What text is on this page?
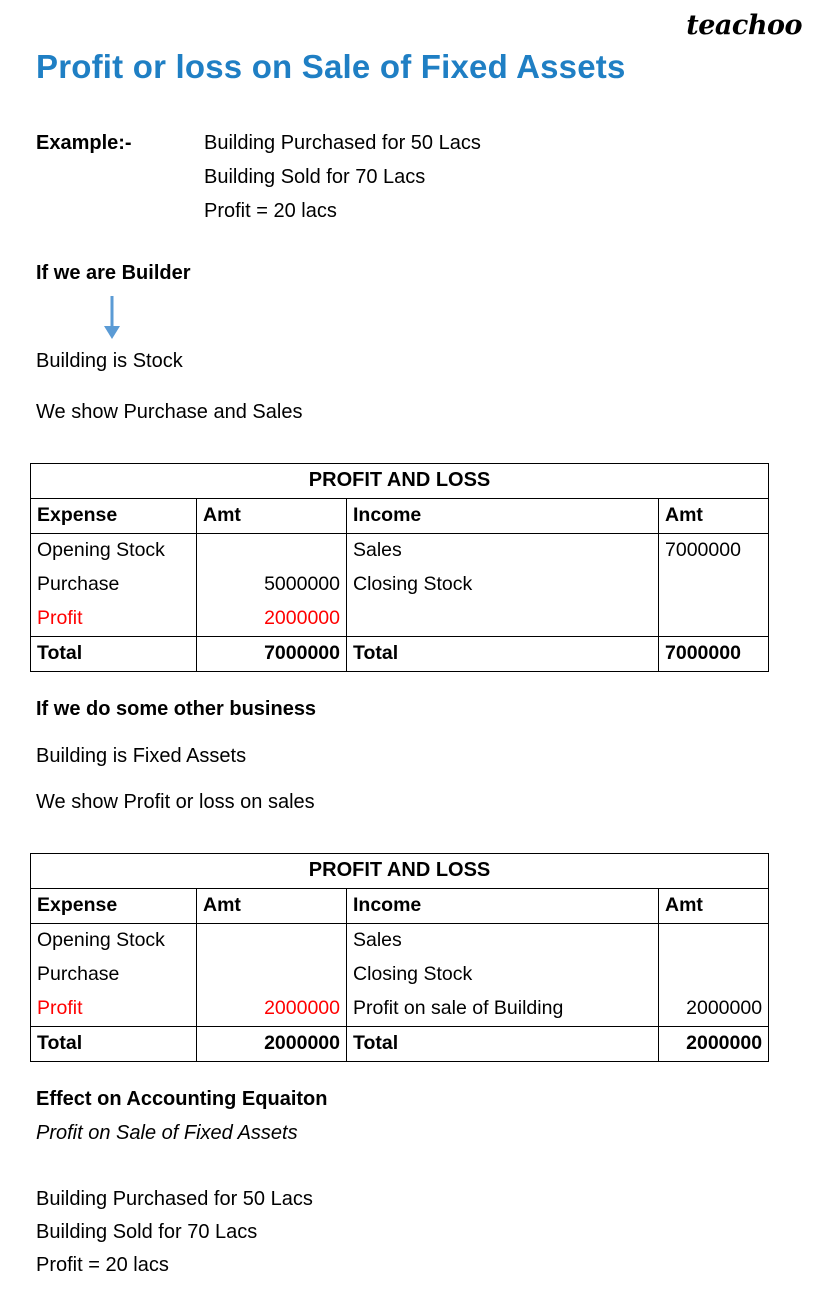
teachoo
Profit or loss on Sale of Fixed Assets
Example:-	Building Purchased for 50 Lacs
Building Sold for 70 Lacs
Profit = 20 lacs
If we are Builder
Building is Stock
We show Purchase and Sales
PROFIT AND LOSS			
Expense	Amt	Income	Amt
Opening Stock		Sales	7000000
Purchase	5000000	Closing Stock	
Profit	2000000		
Total	7000000	Total	7000000
If we do some other business
Building is Fixed Assets
We show Profit or loss on sales
PROFIT AND LOSS			
Expense	Amt	Income	Amt
Opening Stock		Sales	
Purchase		Closing Stock	
Profit	2000000	Profit on sale of Building	2000000
Total	2000000	Total	2000000
Effect on Accounting Equaiton
Profit on Sale of Fixed Assets
Building Purchased for 50 Lacs
Building Sold for 70 Lacs
Profit = 20 lacs
